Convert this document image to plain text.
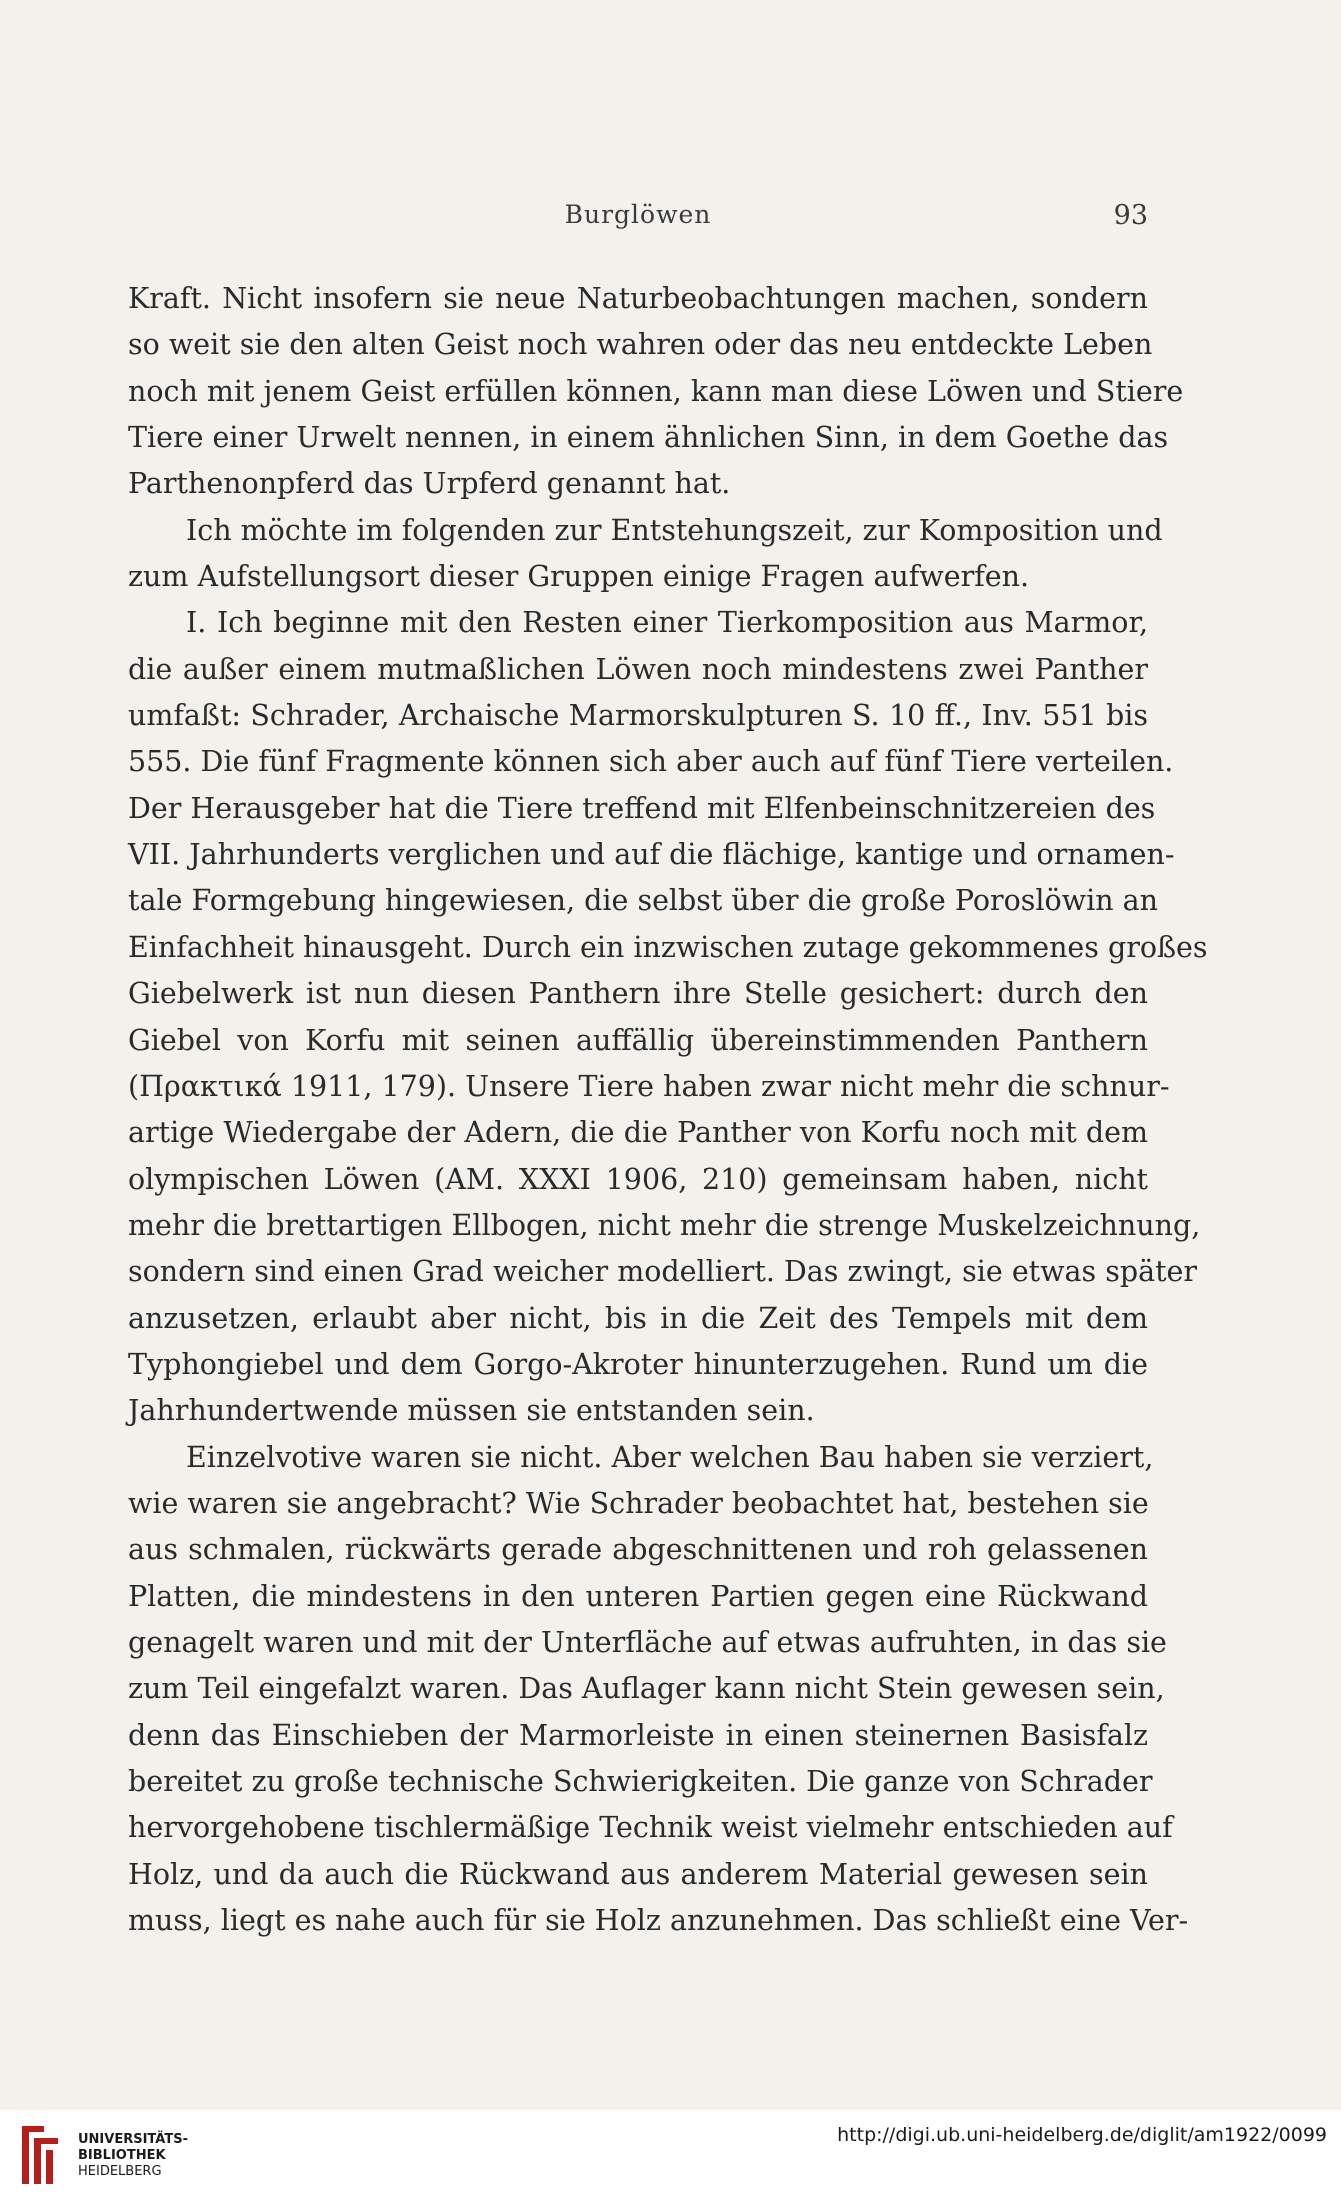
Burglöwen	93
Kraft. Nicht insofern sie neue Naturbeobachtungen machen, sondern
so weit sie den alten Geist noch wahren oder das neu entdeckte Leben
noch mit jenem Geist erfüllen können, kann man diese Löwen und Stiere
Tiere einer Urwelt nennen, in einem ähnlichen Sinn, in dem Goethe das
Parthenonpferd das Urpferd genannt hat.
Ich möchte im folgenden zur Entstehungszeit, zur Komposition und
zum Aufstellungsort dieser Gruppen einige Fragen aufwerfen.
I. Ich beginne mit den Resten einer Tierkomposition aus Marmor,
die außer einem mutmaßlichen Löwen noch mindestens zwei Panther
umfaßt: Schrader, Archaische Marmorskulpturen S. 10 ff., Inv. 551 bis
555. Die fünf Fragmente können sich aber auch auf fünf Tiere verteilen.
Der Herausgeber hat die Tiere treffend mit Elfenbeinschnitzereien des
VII. Jahrhunderts verglichen und auf die flächige, kantige und ornamen-
tale Formgebung hingewiesen, die selbst über die große Poroslöwin an
Einfachheit hinausgeht. Durch ein inzwischen zutage gekommenes großes
Giebelwerk ist nun diesen Panthern ihre Stelle gesichert: durch den
Giebel von Korfu mit seinen auffällig übereinstimmenden Panthern
(Πρακτικά 1911, 179). Unsere Tiere haben zwar nicht mehr die schnur-
artige Wiedergabe der Adern, die die Panther von Korfu noch mit dem
olympischen Löwen (AM. XXXI 1906, 210) gemeinsam haben, nicht
mehr die brettartigen Ellbogen, nicht mehr die strenge Muskelzeichnung,
sondern sind einen Grad weicher modelliert. Das zwingt, sie etwas später
anzusetzen, erlaubt aber nicht, bis in die Zeit des Tempels mit dem
Typhongiebel und dem Gorgo-Akroter hinunterzugehen. Rund um die
Jahrhundertwende müssen sie entstanden sein.
Einzelvotive waren sie nicht. Aber welchen Bau haben sie verziert,
wie waren sie angebracht? Wie Schrader beobachtet hat, bestehen sie
aus schmalen, rückwärts gerade abgeschnittenen und roh gelassenen
Platten, die mindestens in den unteren Partien gegen eine Rückwand
genagelt waren und mit der Unterfläche auf etwas aufruhten, in das sie
zum Teil eingefalzt waren. Das Auflager kann nicht Stein gewesen sein,
denn das Einschieben der Marmorleiste in einen steinernen Basisfalz
bereitet zu große technische Schwierigkeiten. Die ganze von Schrader
hervorgehobene tischlermäßige Technik weist vielmehr entschieden auf
Holz, und da auch die Rückwand aus anderem Material gewesen sein
muss, liegt es nahe auch für sie Holz anzunehmen. Das schließt eine Ver-
UNIVERSITÄTS-
BIBLIOTHEK
HEIDELBERG
http://digi.ub.uni-heidelberg.de/diglit/am1922/0099
